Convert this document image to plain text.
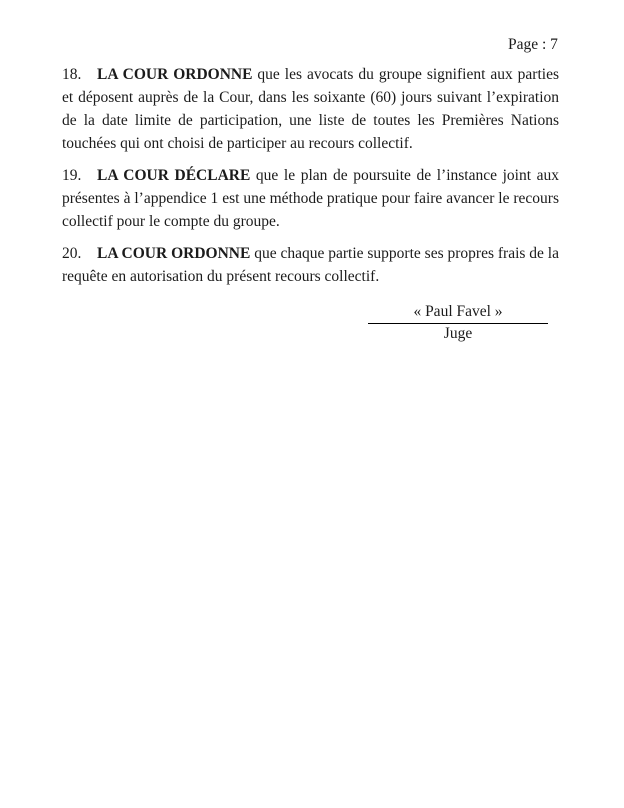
Page : 7

18. LA COUR ORDONNE que les avocats du groupe signifient aux parties et déposent auprès de la Cour, dans les soixante (60) jours suivant l’expiration de la date limite de participation, une liste de toutes les Premières Nations touchées qui ont choisi de participer au recours collectif.

19. LA COUR DÉCLARE que le plan de poursuite de l’instance joint aux présentes à l’appendice 1 est une méthode pratique pour faire avancer le recours collectif pour le compte du groupe.

20. LA COUR ORDONNE que chaque partie supporte ses propres frais de la requête en autorisation du présent recours collectif.

« Paul Favel »
Juge
